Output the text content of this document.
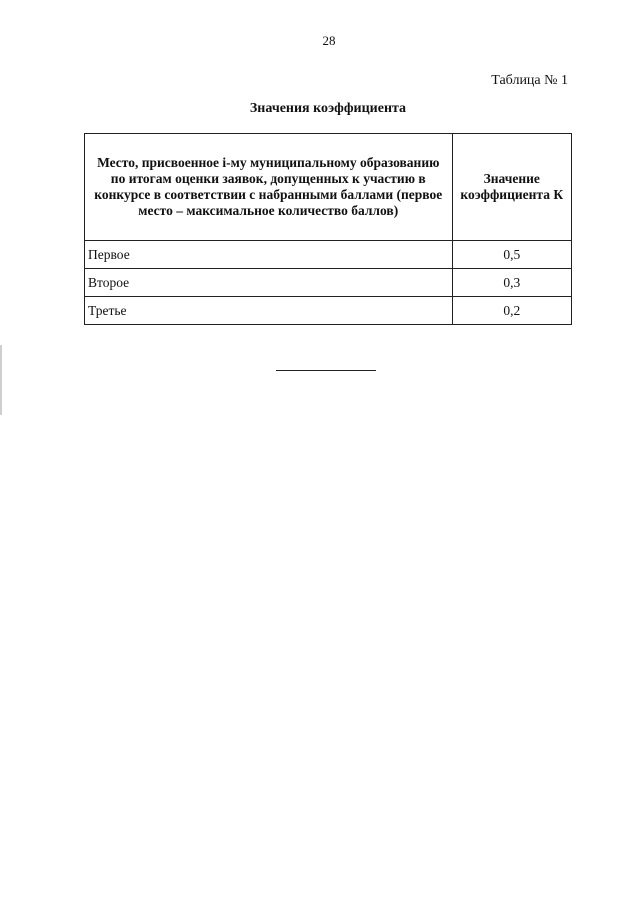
28
Таблица № 1
Значения коэффициента
Место, присвоенное i-му муниципальному образованию по итогам оценки заявок, допущенных к участию в конкурсе в соответствии с набранными баллами (первое место – максимальное количество баллов)	Значение коэффициента К
Первое	0,5
Второе	0,3
Третье	0,2
